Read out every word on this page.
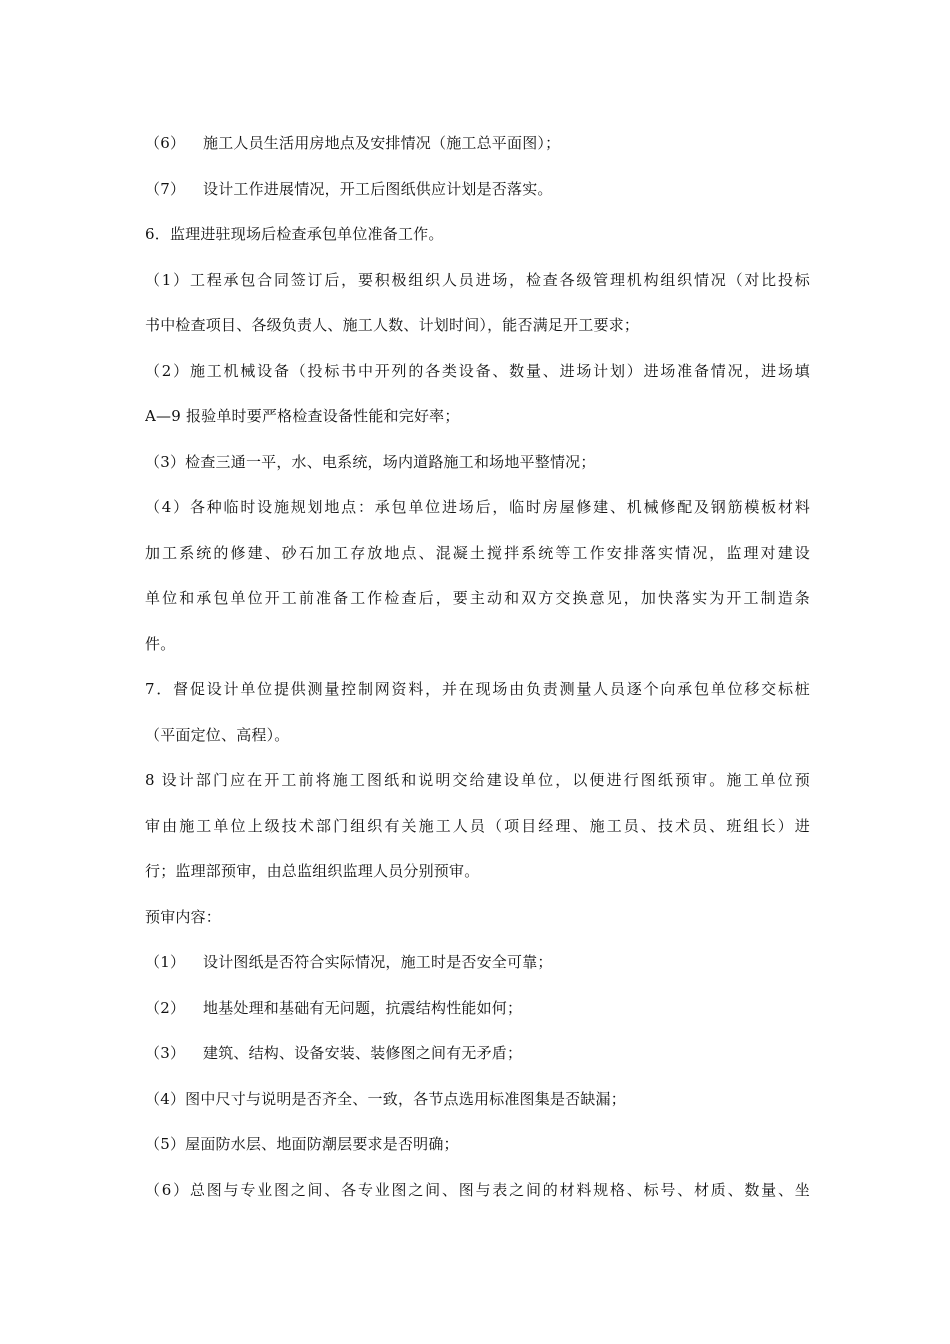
（6） 施工人员生活用房地点及安排情况（施工总平面图）；
（7） 设计工作进展情况，开工后图纸供应计划是否落实。
6．监理进驻现场后检查承包单位准备工作。
（1）工程承包合同签订后，要积极组织人员进场，检查各级管理机构组织情况（对比投标
书中检查项目、各级负责人、施工人数、计划时间），能否满足开工要求；
（2）施工机械设备（投标书中开列的各类设备、数量、进场计划）进场准备情况，进场填
A—9 报验单时要严格检查设备性能和完好率；
（3）检查三通一平，水、电系统，场内道路施工和场地平整情况；
（4）各种临时设施规划地点：承包单位进场后，临时房屋修建、机械修配及钢筋模板材料
加工系统的修建、砂石加工存放地点、混凝土搅拌系统等工作安排落实情况，监理对建设
单位和承包单位开工前准备工作检查后，要主动和双方交换意见，加快落实为开工制造条
件。
7．督促设计单位提供测量控制网资料，并在现场由负责测量人员逐个向承包单位移交标桩
（平面定位、高程）。
8 设计部门应在开工前将施工图纸和说明交给建设单位，以便进行图纸预审。施工单位预
审由施工单位上级技术部门组织有关施工人员（项目经理、施工员、技术员、班组长）进
行；监理部预审，由总监组织监理人员分别预审。
预审内容：
（1） 设计图纸是否符合实际情况，施工时是否安全可靠；
（2） 地基处理和基础有无问题，抗震结构性能如何；
（3） 建筑、结构、设备安装、装修图之间有无矛盾；
（4）图中尺寸与说明是否齐全、一致，各节点选用标准图集是否缺漏；
（5）屋面防水层、地面防潮层要求是否明确；
（6）总图与专业图之间、各专业图之间、图与表之间的材料规格、标号、材质、数量、坐
